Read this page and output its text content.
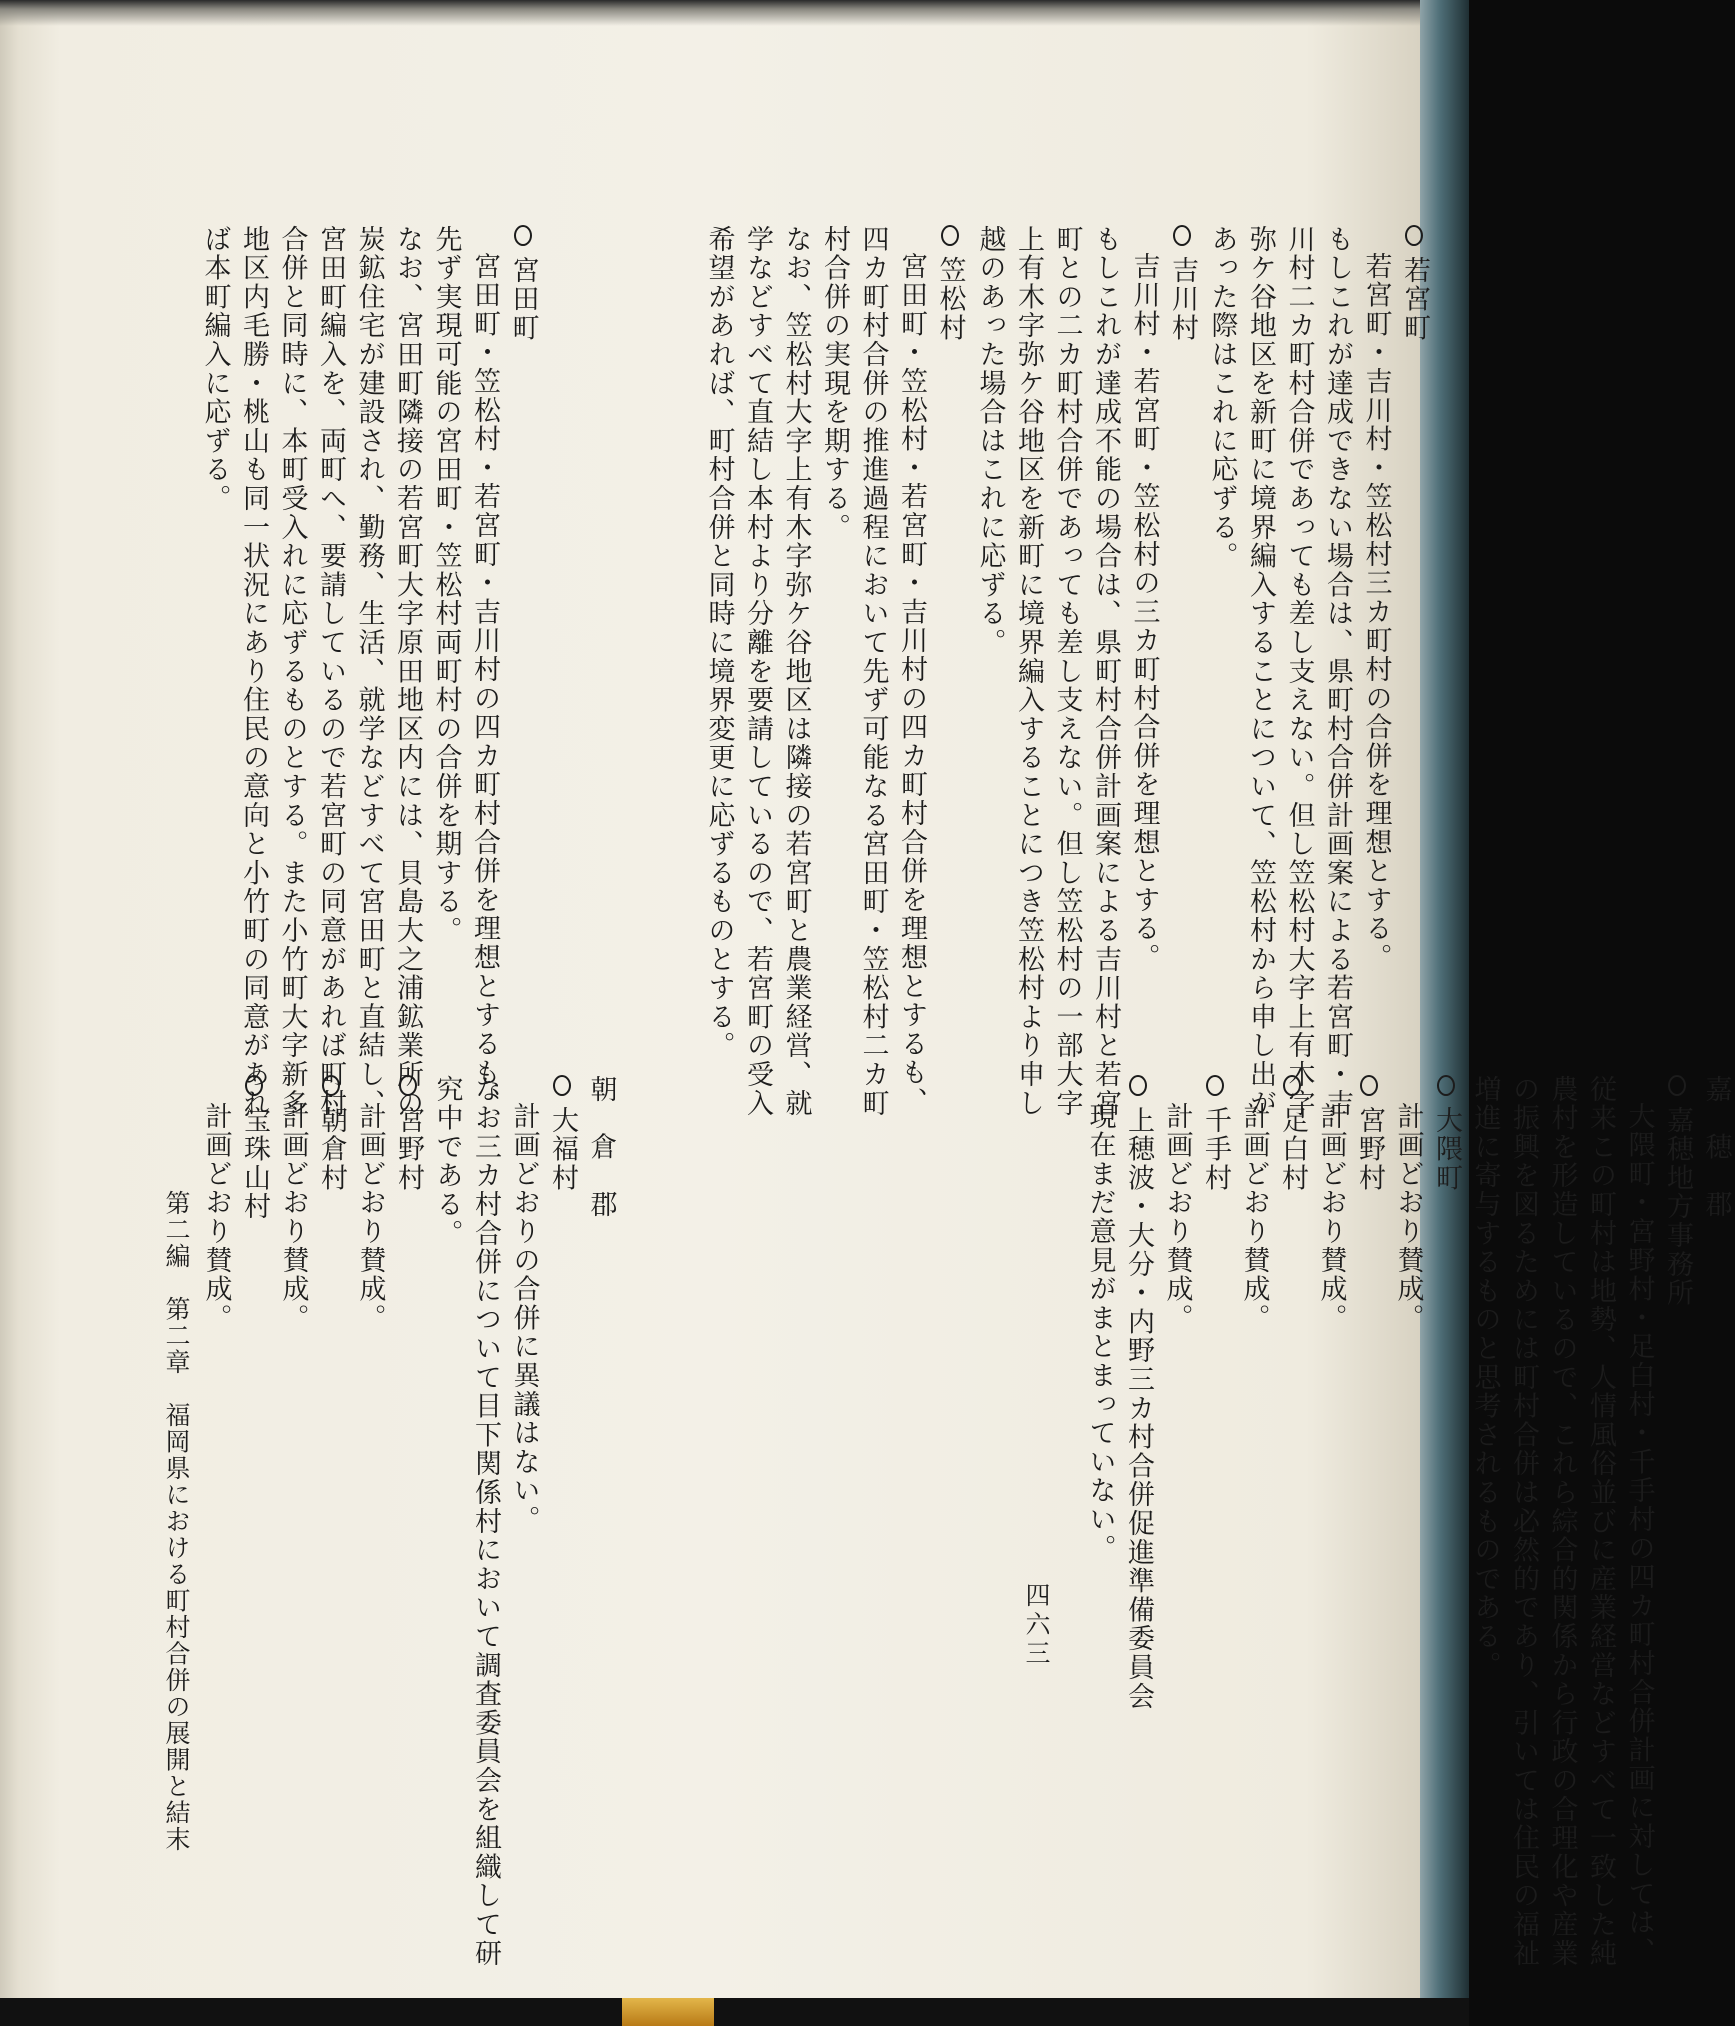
若宮町

若宮町・吉川村・笠松村三カ町村の合併を理想とする。

もしこれが達成できない場合は、県町村合併計画案による若宮町・吉

川村二カ町村合併であっても差し支えない。但し笠松村大字上有木字

弥ケ谷地区を新町に境界編入することについて、笠松村から申し出が

あった際はこれに応ずる。

吉川村

吉川村・若宮町・笠松村の三カ町村合併を理想とする。

もしこれが達成不能の場合は、県町村合併計画案による吉川村と若宮

町との二カ町村合併であっても差し支えない。但し笠松村の一部大字

上有木字弥ケ谷地区を新町に境界編入することにつき笠松村より申し

越のあった場合はこれに応ずる。

笠松村

宮田町・笠松村・若宮町・吉川村の四カ町村合併を理想とするも、

四カ町村合併の推進過程において先ず可能なる宮田町・笠松村二カ町

村合併の実現を期する。

なお、笠松村大字上有木字弥ケ谷地区は隣接の若宮町と農業経営、就

学などすべて直結し本村より分離を要請しているので、若宮町の受入

希望があれば、町村合併と同時に境界変更に応ずるものとする。

宮田町

宮田町・笠松村・若宮町・吉川村の四カ町村合併を理想とするも、

先ず実現可能の宮田町・笠松村両町村の合併を期する。

なお、宮田町隣接の若宮町大字原田地区内には、貝島大之浦鉱業所の

炭鉱住宅が建設され、勤務、生活、就学などすべて宮田町と直結し、

宮田町編入を、両町へ、要請しているので若宮町の同意があれば町村

合併と同時に、本町受入れに応ずるものとする。また小竹町大字新多

地区内毛勝・桃山も同一状況にあり住民の意向と小竹町の同意があれ

ば本町編入に応ずる。

嘉　穂　郡

嘉穂地方事務所

大隈町・宮野村・足白村・千手村の四カ町村合併計画に対しては、

従来この町村は地勢、人情風俗並びに産業経営などすべて一致した純

農村を形造しているので、これら綜合的関係から行政の合理化や産業

の振興を図るためには町村合併は必然的であり、引いては住民の福祉

増進に寄与するものと思考されるものである。

大隈町

計画どおり賛成。

宮野村

計画どおり賛成。

足白村

計画どおり賛成。

千手村

計画どおり賛成。

上穂波・大分・内野三カ村合併促進準備委員会

現在まだ意見がまとまっていない。

朝　倉　郡

大福村

計画どおりの合併に異議はない。

なお三カ村合併について目下関係村において調査委員会を組織して研

究中である。

宮野村

計画どおり賛成。

朝倉村

計画どおり賛成。

宝珠山村

計画どおり賛成。

第二編　第二章　福岡県における町村合併の展開と結末	四六三
